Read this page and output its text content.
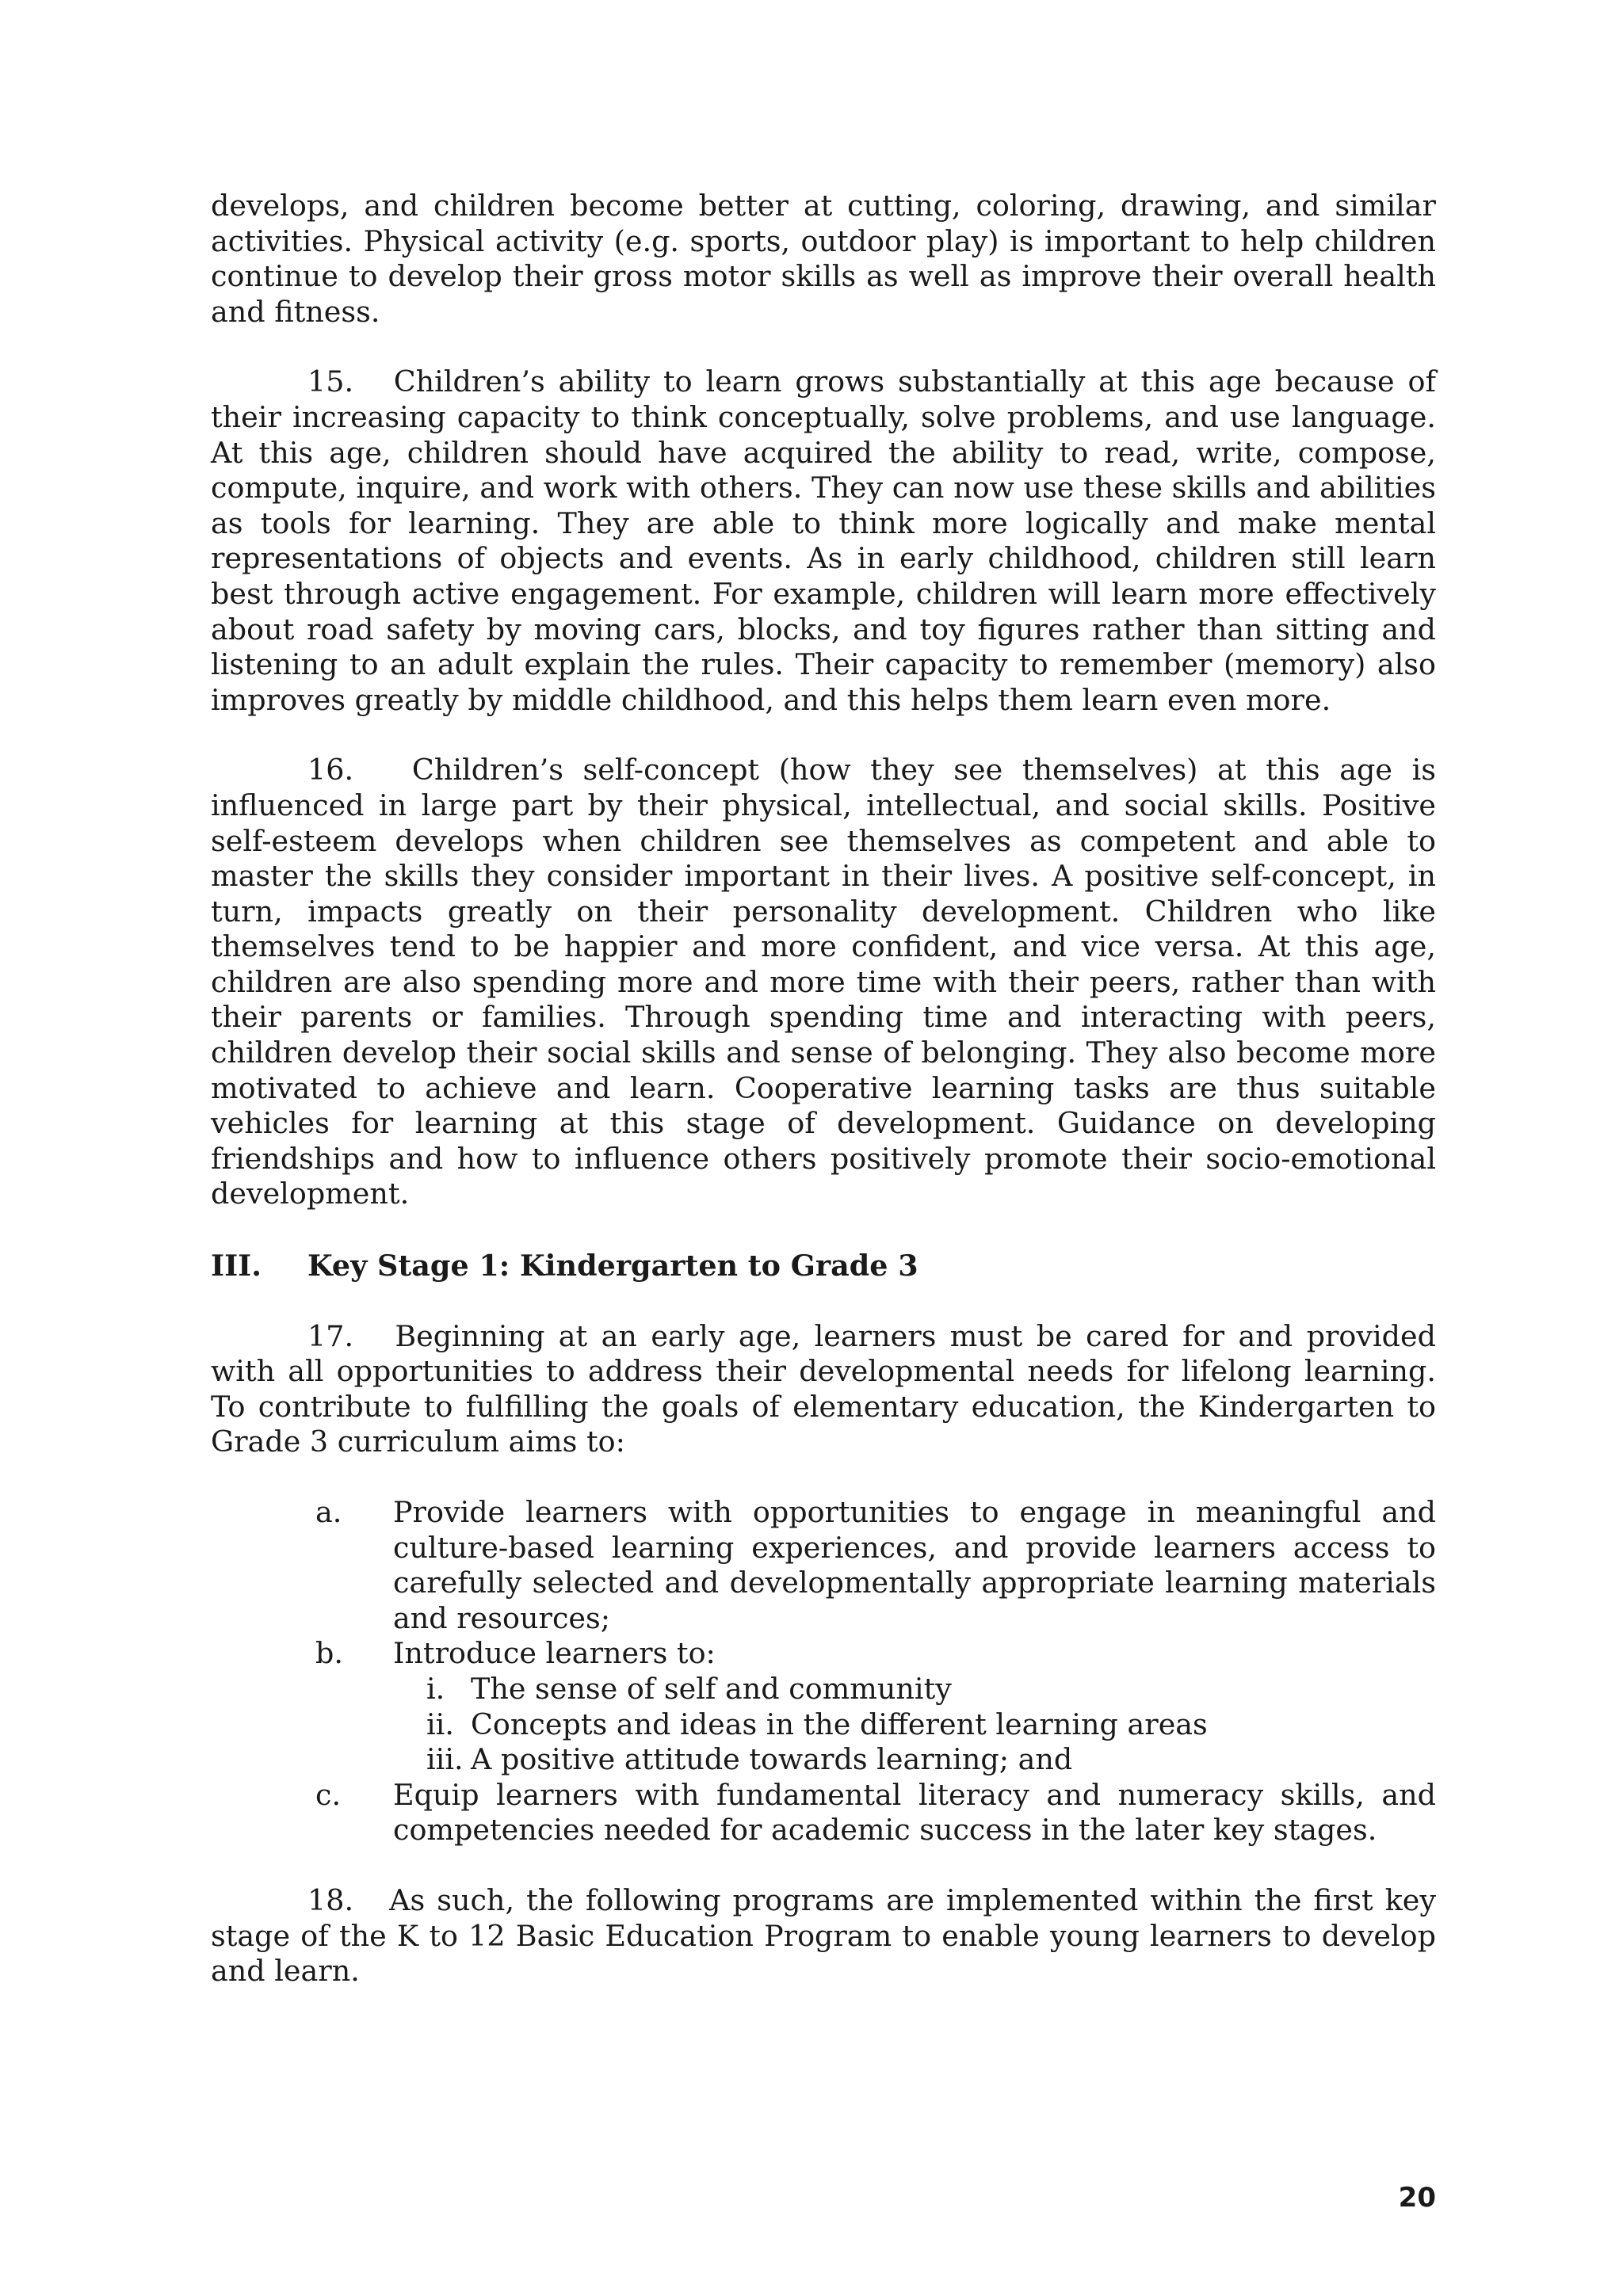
develops, and children become better at cutting, coloring, drawing, and similar activities. Physical activity (e.g. sports, outdoor play) is important to help children continue to develop their gross motor skills as well as improve their overall health and fitness.

15. Children’s ability to learn grows substantially at this age because of their increasing capacity to think conceptually, solve problems, and use language. At this age, children should have acquired the ability to read, write, compose, compute, inquire, and work with others. They can now use these skills and abilities as tools for learning. They are able to think more logically and make mental representations of objects and events. As in early childhood, children still learn best through active engagement. For example, children will learn more effectively about road safety by moving cars, blocks, and toy figures rather than sitting and listening to an adult explain the rules. Their capacity to remember (memory) also improves greatly by middle childhood, and this helps them learn even more.

16. Children’s self-concept (how they see themselves) at this age is influenced in large part by their physical, intellectual, and social skills. Positive self-esteem develops when children see themselves as competent and able to master the skills they consider important in their lives. A positive self-concept, in turn, impacts greatly on their personality development. Children who like themselves tend to be happier and more confident, and vice versa. At this age, children are also spending more and more time with their peers, rather than with their parents or families. Through spending time and interacting with peers, children develop their social skills and sense of belonging. They also become more motivated to achieve and learn. Cooperative learning tasks are thus suitable vehicles for learning at this stage of development. Guidance on developing friendships and how to influence others positively promote their socio-emotional development.

III.	Key Stage 1: Kindergarten to Grade 3

17. Beginning at an early age, learners must be cared for and provided with all opportunities to address their developmental needs for lifelong learning. To contribute to fulfilling the goals of elementary education, the Kindergarten to Grade 3 curriculum aims to:

a.	Provide learners with opportunities to engage in meaningful and culture-based learning experiences, and provide learners access to carefully selected and developmentally appropriate learning materials and resources;
b.	Introduce learners to:
i. The sense of self and community
ii. Concepts and ideas in the different learning areas
iii. A positive attitude towards learning; and
c.	Equip learners with fundamental literacy and numeracy skills, and competencies needed for academic success in the later key stages.

18. As such, the following programs are implemented within the first key stage of the K to 12 Basic Education Program to enable young learners to develop and learn.

20
